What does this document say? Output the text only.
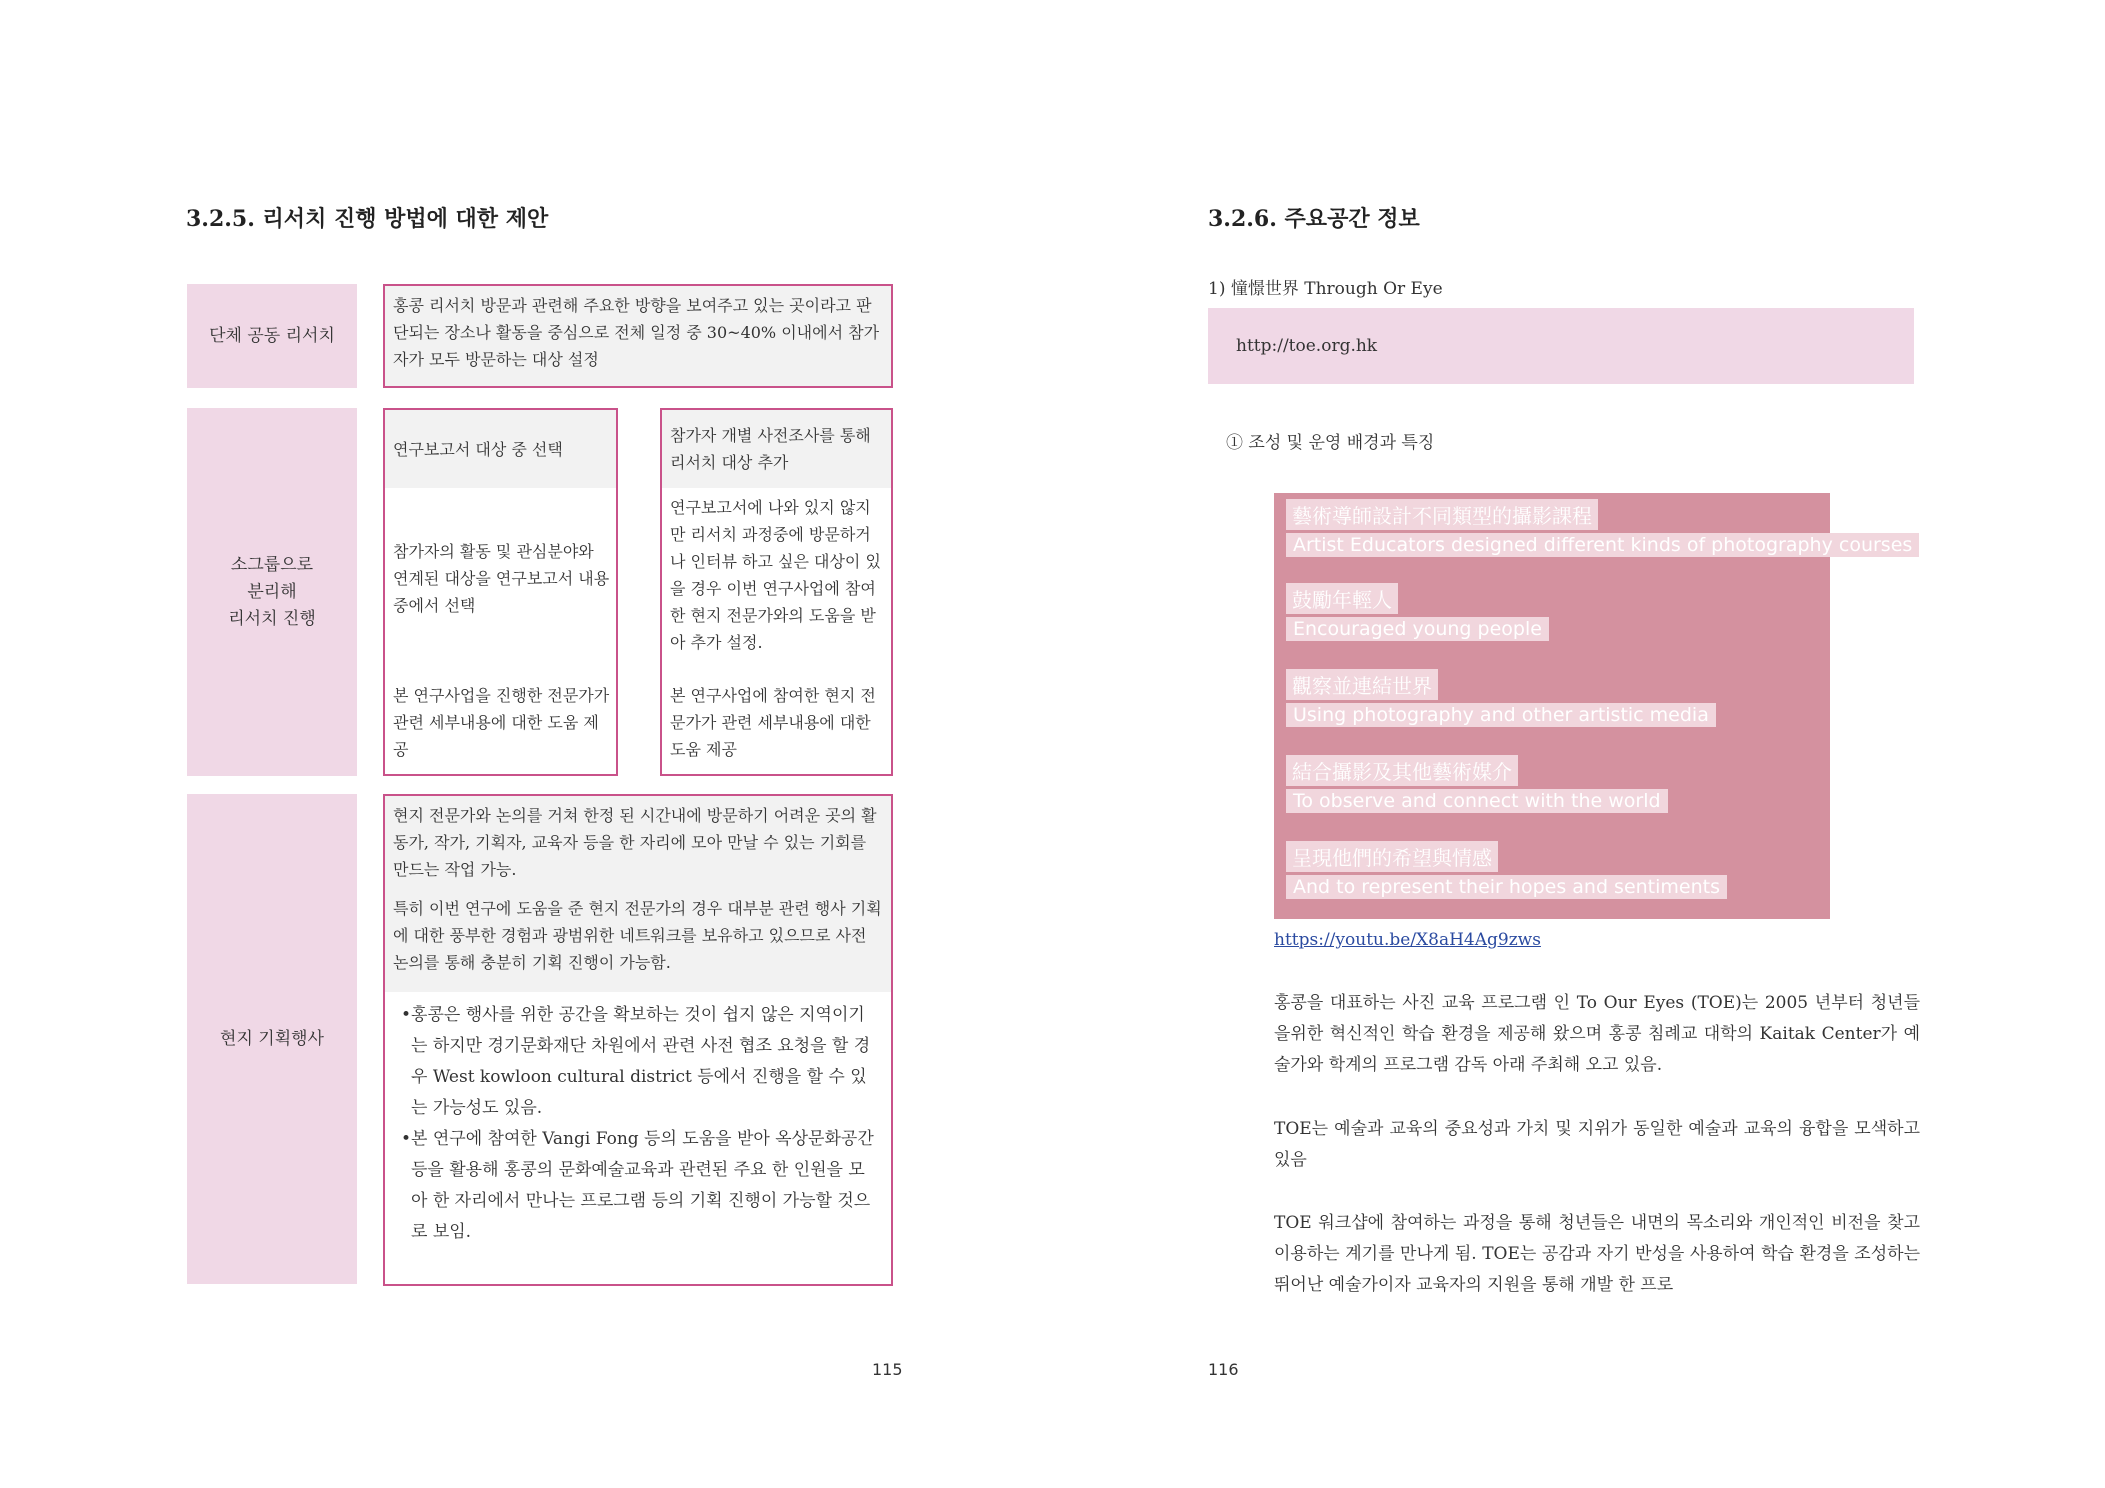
3.2.5. 리서치 진행 방법에 대한 제안
단체 공동 리서치
홍콩 리서치 방문과 관련해 주요한 방향을 보여주고 있는 곳이라고 판단되는 장소나 활동을 중심으로 전체 일정 중 30~40% 이내에서 참가자가 모두 방문하는 대상 설정
소그룹으로
분리해
리서치 진행
연구보고서 대상 중 선택
참가자의 활동 및 관심분야와 연계된 대상을 연구보고서 내용 중에서 선택
본 연구사업을 진행한 전문가가 관련 세부내용에 대한 도움 제공
참가자 개별 사전조사를 통해 리서치 대상 추가
연구보고서에 나와 있지 않지만 리서치 과정중에 방문하거나 인터뷰 하고 싶은 대상이 있을 경우 이번 연구사업에 참여한 현지 전문가와의 도움을 받아 추가 설정.
본 연구사업에 참여한 현지 전문가가 관련 세부내용에 대한 도움 제공
현지 기획행사
현지 전문가와 논의를 거쳐 한정 된 시간내에 방문하기 어려운 곳의 활동가, 작가, 기획자, 교육자 등을 한 자리에 모아 만날 수 있는 기회를 만드는 작업 가능.
특히 이번 연구에 도움을 준 현지 전문가의 경우 대부분 관련 행사 기획에 대한 풍부한 경험과 광범위한 네트워크를 보유하고 있으므로 사전 논의를 통해 충분히 기획 진행이 가능함.
•홍콩은 행사를 위한 공간을 확보하는 것이 쉽지 않은 지역이기는 하지만 경기문화재단 차원에서 관련 사전 협조 요청을 할 경우 West kowloon cultural district 등에서 진행을 할 수 있는 가능성도 있음.
•본 연구에 참여한 Vangi Fong 등의 도움을 받아 옥상문화공간 등을 활용해 홍콩의 문화예술교육과 관련된 주요 한 인원을 모아 한 자리에서 만나는 프로그램 등의 기획 진행이 가능할 것으로 보임.
115
3.2.6. 주요공간 정보
1) 憧憬世界 Through Or Eye
http://toe.org.hk
① 조성 및 운영 배경과 특징
藝術導師設計不同類型的攝影課程
Artist Educators designed different kinds of photography courses
鼓勵年輕人
Encouraged young people
觀察並連結世界
Using photography and other artistic media
結合攝影及其他藝術媒介
To observe and connect with the world
呈現他們的希望與情感
And to represent their hopes and sentiments
https://youtu.be/X8aH4Ag9zws
홍콩을 대표하는 사진 교육 프로그램 인 To Our Eyes (TOE)는 2005 년부터 청년들을위한 혁신적인 학습 환경을 제공해 왔으며 홍콩 침례교 대학의 Kaitak Center가 예술가와 학계의 프로그램 감독 아래 주최해 오고 있음.
TOE는 예술과 교육의 중요성과 가치 및 지위가 동일한 예술과 교육의 융합을 모색하고 있음
TOE 워크샵에 참여하는 과정을 통해 청년들은 내면의 목소리와 개인적인 비전을 찾고 이용하는 계기를 만나게 됨. TOE는 공감과 자기 반성을 사용하여 학습 환경을 조성하는 뛰어난 예술가이자 교육자의 지원을 통해 개발 한 프로
116
